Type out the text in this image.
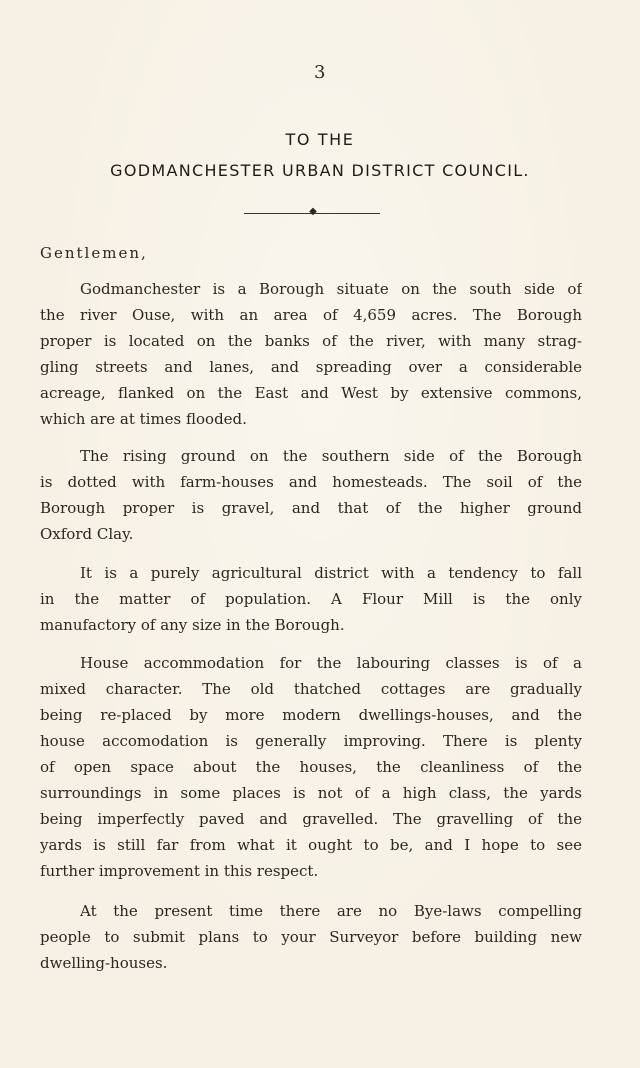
3
TO THE
GODMANCHESTER URBAN DISTRICT COUNCIL.
◆
Gentlemen,

Godmanchester is a Borough situate on the south side of
the river Ouse, with an area of 4,659 acres. The Borough
proper is located on the banks of the river, with many strag-
gling streets and lanes, and spreading over a considerable
acreage, flanked on the East and West by extensive commons,
which are at times flooded.

The rising ground on the southern side of the Borough
is dotted with farm-houses and homesteads. The soil of the
Borough proper is gravel, and that of the higher ground
Oxford Clay.

It is a purely agricultural district with a tendency to fall
in the matter of population. A Flour Mill is the only
manufactory of any size in the Borough.

House accommodation for the labouring classes is of a
mixed character. The old thatched cottages are gradually
being re-placed by more modern dwellings-houses, and the
house accomodation is generally improving. There is plenty
of open space about the houses, the cleanliness of the
surroundings in some places is not of a high class, the yards
being imperfectly paved and gravelled. The gravelling of the
yards is still far from what it ought to be, and I hope to see
further improvement in this respect.

At the present time there are no Bye-laws compelling
people to submit plans to your Surveyor before building new
dwelling-houses.
